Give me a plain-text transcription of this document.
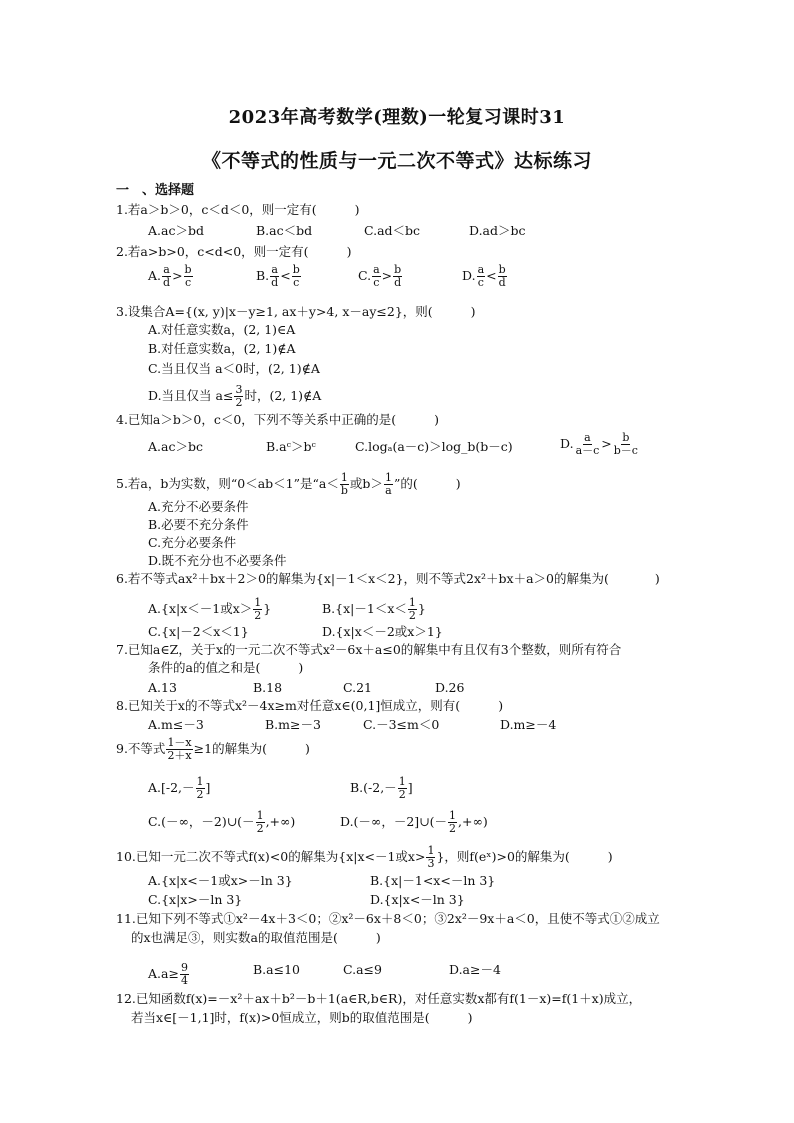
2023年高考数学(理数)一轮复习课时31
《不等式的性质与一元二次不等式》达标练习
一　、选择题
1.若a＞b＞0，c＜d＜0，则一定有(	)
A.ac＞bd	B.ac＜bd	C.ad＜bc	D.ad＞bc
2.若a>b>0，c<d<0，则一定有(	)
A. $\frac{a}{d} > \frac{b}{c}$	B. $\frac{a}{d} < \frac{b}{c}$	C. $\frac{a}{c} > \frac{b}{d}$	D. $\frac{a}{c} < \frac{b}{d}$
3.设集合A={(x, y)|x－y≥1, ax＋y>4, x－ay≤2}，则(	)
A.对任意实数a，(2, 1)∈A
B.对任意实数a，(2, 1)∉A
C.当且仅当 a＜0时，(2, 1)∉A
D.当且仅当 $a\le \frac{3}{2}$ 时，(2, 1)∉A
4.已知a＞b＞0，c＜0，下列不等关系中正确的是(	)
A.ac＞bc	B.aᶜ＞bᶜ	C.logₐ(a－c)＞log_b(b－c)	D. $\frac{a}{a-c} > \frac{b}{b-c}$
5.若a，b为实数，则“0＜ab＜1”是“$a< \frac{1}{b}$ 或$b> \frac{1}{a}$ ”的(	)
A.充分不必要条件
B.必要不充分条件
C.充分必要条件
D.既不充分也不必要条件
6.若不等式ax²＋bx＋2＞0的解集为{x|－1＜x＜2}，则不等式2x²＋bx＋a＞0的解集为(	)
A.{x|x＜－1或$x> \frac{1}{2}$ }	$B.\{x|-1<x< \frac{1}{2}$ }
C.{x|－2＜x＜1}	D.{x|x＜－2或x＞1}
7.已知a∈Z，关于x的一元二次不等式x²－6x＋a≤0的解集中有且仅有3个整数，则所有符合
条件的a的值之和是(	)
A.13	B.18	C.21	D.26
8.已知关于x的不等式x²－4x≥m对任意x∈(0,1]恒成立，则有(	)
A.m≤－3	B.m≥－3	C.－3≤m＜0	D.m≥－4
9.不等式 $\frac{1-x}{2+x} \ge 1$的解集为(	)
$A.[-2,- \frac{1}{2}$ ]	$B.(-2,- \frac{1}{2}$ ]
C.(－∞，－2)∪(－ $\frac{1}{2}$ ,+∞)	D.(－∞，－2]∪(－ $\frac{1}{2}$ ,+∞)
10.已知一元二次不等式f(x)<0的解集为{x|x<－1或$x> \frac{1}{3}$ }，则f(eˣ)>0的解集为(	)
A.{x|x<－1或x>－ln 3}	B.{x|－1<x<－ln 3}
C.{x|x>－ln 3}	D.{x|x<－ln 3}
11.已知下列不等式①x²－4x＋3＜0；②x²－6x＋8＜0；③2x²－9x＋a＜0，且使不等式①②成立
的x也满足③，则实数a的取值范围是(	)
$A.a\ge \frac{9}{4}$	B.a≤10	C.a≤9	D.a≥－4
12.已知函数f(x)=－x²＋ax＋b²－b＋1(a∈R,b∈R)，对任意实数x都有f(1－x)=f(1＋x)成立，
若当x∈[－1,1]时，f(x)>0恒成立，则b的取值范围是(	)
